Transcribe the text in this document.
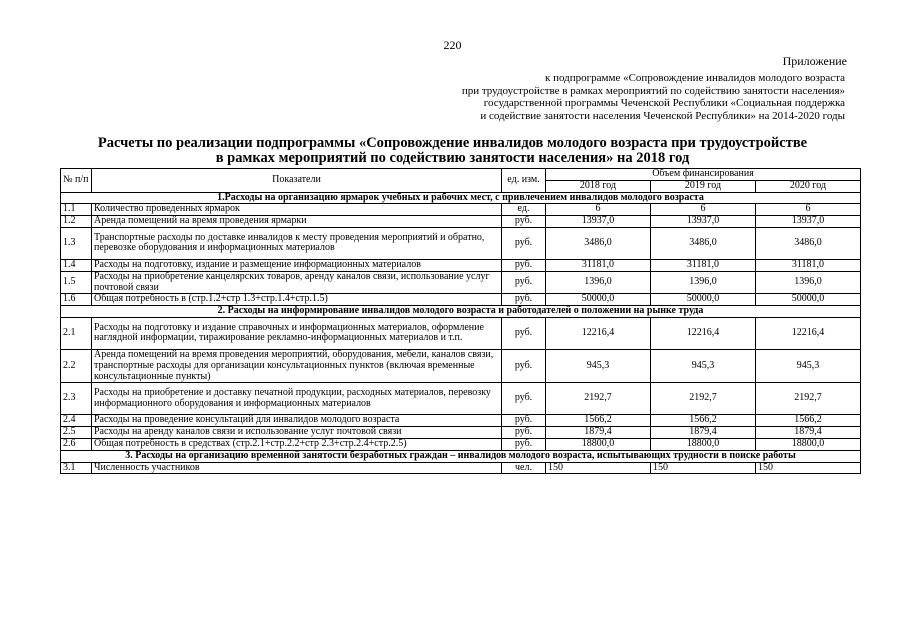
220
Приложение
к подпрограмме «Сопровождение инвалидов молодого возраста
при трудоустройстве в рамках мероприятий по содействию занятости населения»
государственной программы Чеченской Республики «Социальная поддержка
и содействие занятости населения Чеченской Республики» на 2014-2020 годы
Расчеты по реализации подпрограммы «Сопровождение инвалидов молодого возраста при трудоустройстве
в рамках мероприятий по содействию занятости населения» на 2018 год
№ п/п	Показатели	ед. изм.	Объем финансирования		
			2018 год	2019 год	2020 год
1.Расходы на организацию ярмарок учебных и рабочих мест, с привлечением инвалидов молодого возраста					
1.1	Количество проведенных ярмарок	ед.	6	6	6
1.2	Аренда помещений на время проведения ярмарки	руб.	13937,0	13937,0	13937,0
1.3	Транспортные расходы по доставке инвалидов к месту проведения мероприятий и обратно, перевозке оборудования и информационных материалов	руб.	3486,0	3486,0	3486,0
1.4	Расходы на подготовку, издание и размещение информационных материалов	руб.	31181,0	31181,0	31181,0
1.5	Расходы на приобретение канцелярских товаров, аренду каналов связи, использование услуг почтовой связи	руб.	1396,0	1396,0	1396,0
1.6	Общая потребность в (стр.1.2+стр 1.3+стр.1.4+стр.1.5)	руб.	50000,0	50000,0	50000,0
2. Расходы на информирование инвалидов молодого возраста и работодателей о положении на рынке труда					
2.1	Расходы на подготовку и издание справочных и информационных материалов, оформление наглядной информации, тиражирование рекламно-информационных материалов и т.п.	руб.	12216,4	12216,4	12216,4
2.2	Аренда помещений на время проведения мероприятий, оборудования, мебели, каналов связи, транспортные расходы для организации консультационных пунктов (включая временные консультационные пункты)	руб.	945,3	945,3	945,3
2.3	Расходы на приобретение и доставку печатной продукции, расходных материалов, перевозку информационного оборудования и информационных материалов	руб.	2192,7	2192,7	2192,7
2.4	Расходы на проведение консультаций для инвалидов молодого возраста	руб.	1566,2	1566,2	1566,2
2.5	Расходы на аренду каналов связи и использование услуг почтовой связи	руб.	1879,4	1879,4	1879,4
2.6	Общая потребность в средствах (стр.2.1+стр.2.2+стр 2.3+стр.2.4+стр.2.5)	руб.	18800,0	18800,0	18800,0
3. Расходы на организацию временной занятости безработных граждан – инвалидов молодого возраста, испытывающих трудности в поиске работы					
3.1	Численность участников	чел.	150	150	150
